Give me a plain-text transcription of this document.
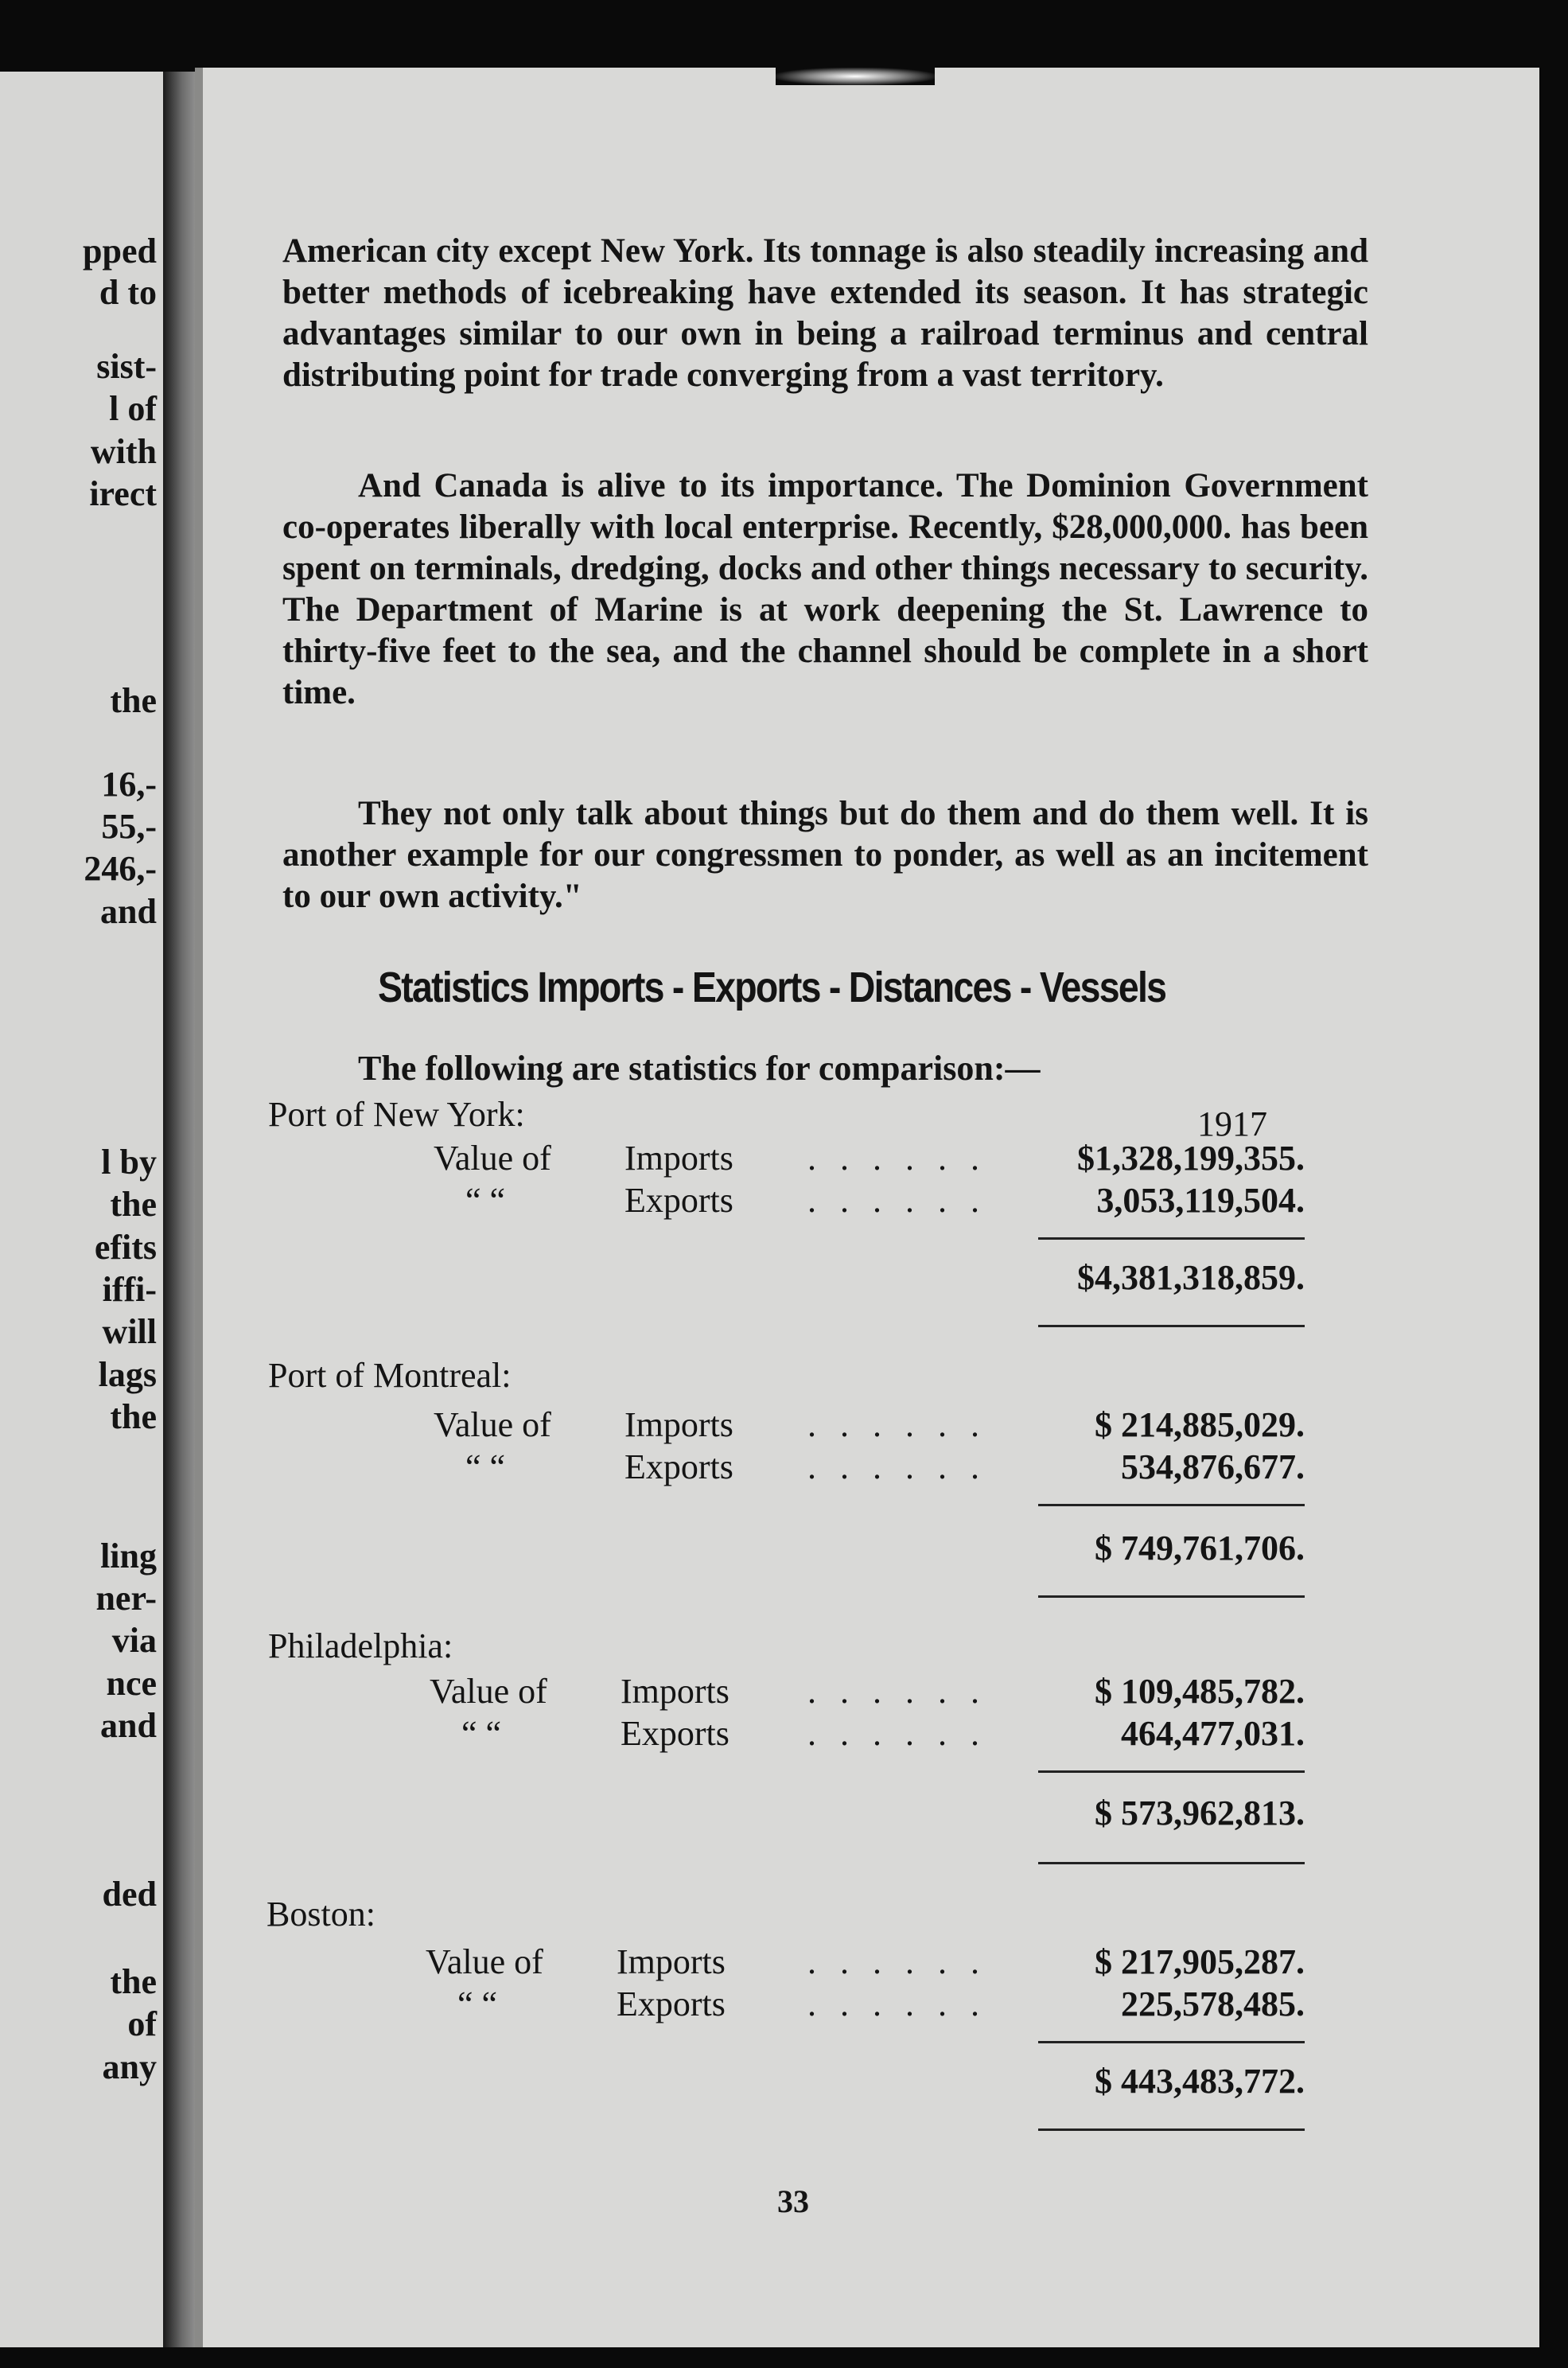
pped
d to
sist-
l of
with
irect
the
16,-
55,-
246,-
and
l by
the
efits
iffi-
will
lags
the
ling
ner-
via
nce
and
ded
the
of
any

American city except New York. Its tonnage is also steadily increasing and better methods of icebreaking have extended its season. It has strategic advantages similar to our own in being a railroad terminus and central distributing point for trade converging from a vast territory.

And Canada is alive to its importance. The Dominion Government co-operates liberally with local enterprise. Recently, $28,000,000. has been spent on terminals, dredging, docks and other things necessary to security. The Department of Marine is at work deepening the St. Lawrence to thirty-five feet to the sea, and the channel should be complete in a short time.

They not only talk about things but do them and do them well. It is another example for our congressmen to ponder, as well as an incitement to our own activity."

Statistics Imports - Exports - Distances - Vessels

The following are statistics for comparison:—

1917
Port of New York:
Value of Imports ...... $1,328,199,355.
“ “	Exports ......	3,053,119,504.
$4,381,318,859.
Port of Montreal:
Value of Imports ......	$ 214,885,029.
“ “	Exports ......	534,876,677.
$ 749,761,706.
Philadelphia:
Value of Imports ......	$ 109,485,782.
“ “	Exports ......	464,477,031.
$ 573,962,813.
Boston:
Value of Imports ......	$ 217,905,287.
“ “	Exports ......	225,578,485.
$ 443,483,772.
33
